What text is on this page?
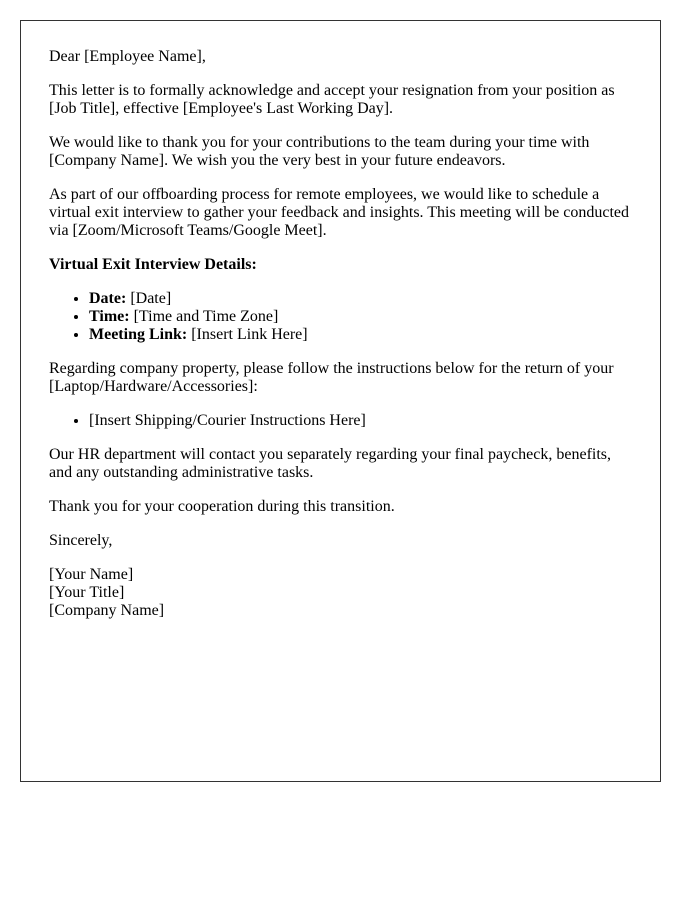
Dear [Employee Name],

This letter is to formally acknowledge and accept your resignation from your position as [Job Title], effective [Employee's Last Working Day].

We would like to thank you for your contributions to the team during your time with [Company Name]. We wish you the very best in your future endeavors.

As part of our offboarding process for remote employees, we would like to schedule a virtual exit interview to gather your feedback and insights. This meeting will be conducted via [Zoom/Microsoft Teams/Google Meet].

Virtual Exit Interview Details:

• Date: [Date]
• Time: [Time and Time Zone]
• Meeting Link: [Insert Link Here]

Regarding company property, please follow the instructions below for the return of your [Laptop/Hardware/Accessories]:

• [Insert Shipping/Courier Instructions Here]

Our HR department will contact you separately regarding your final paycheck, benefits, and any outstanding administrative tasks.

Thank you for your cooperation during this transition.

Sincerely,

[Your Name]
[Your Title]
[Company Name]
